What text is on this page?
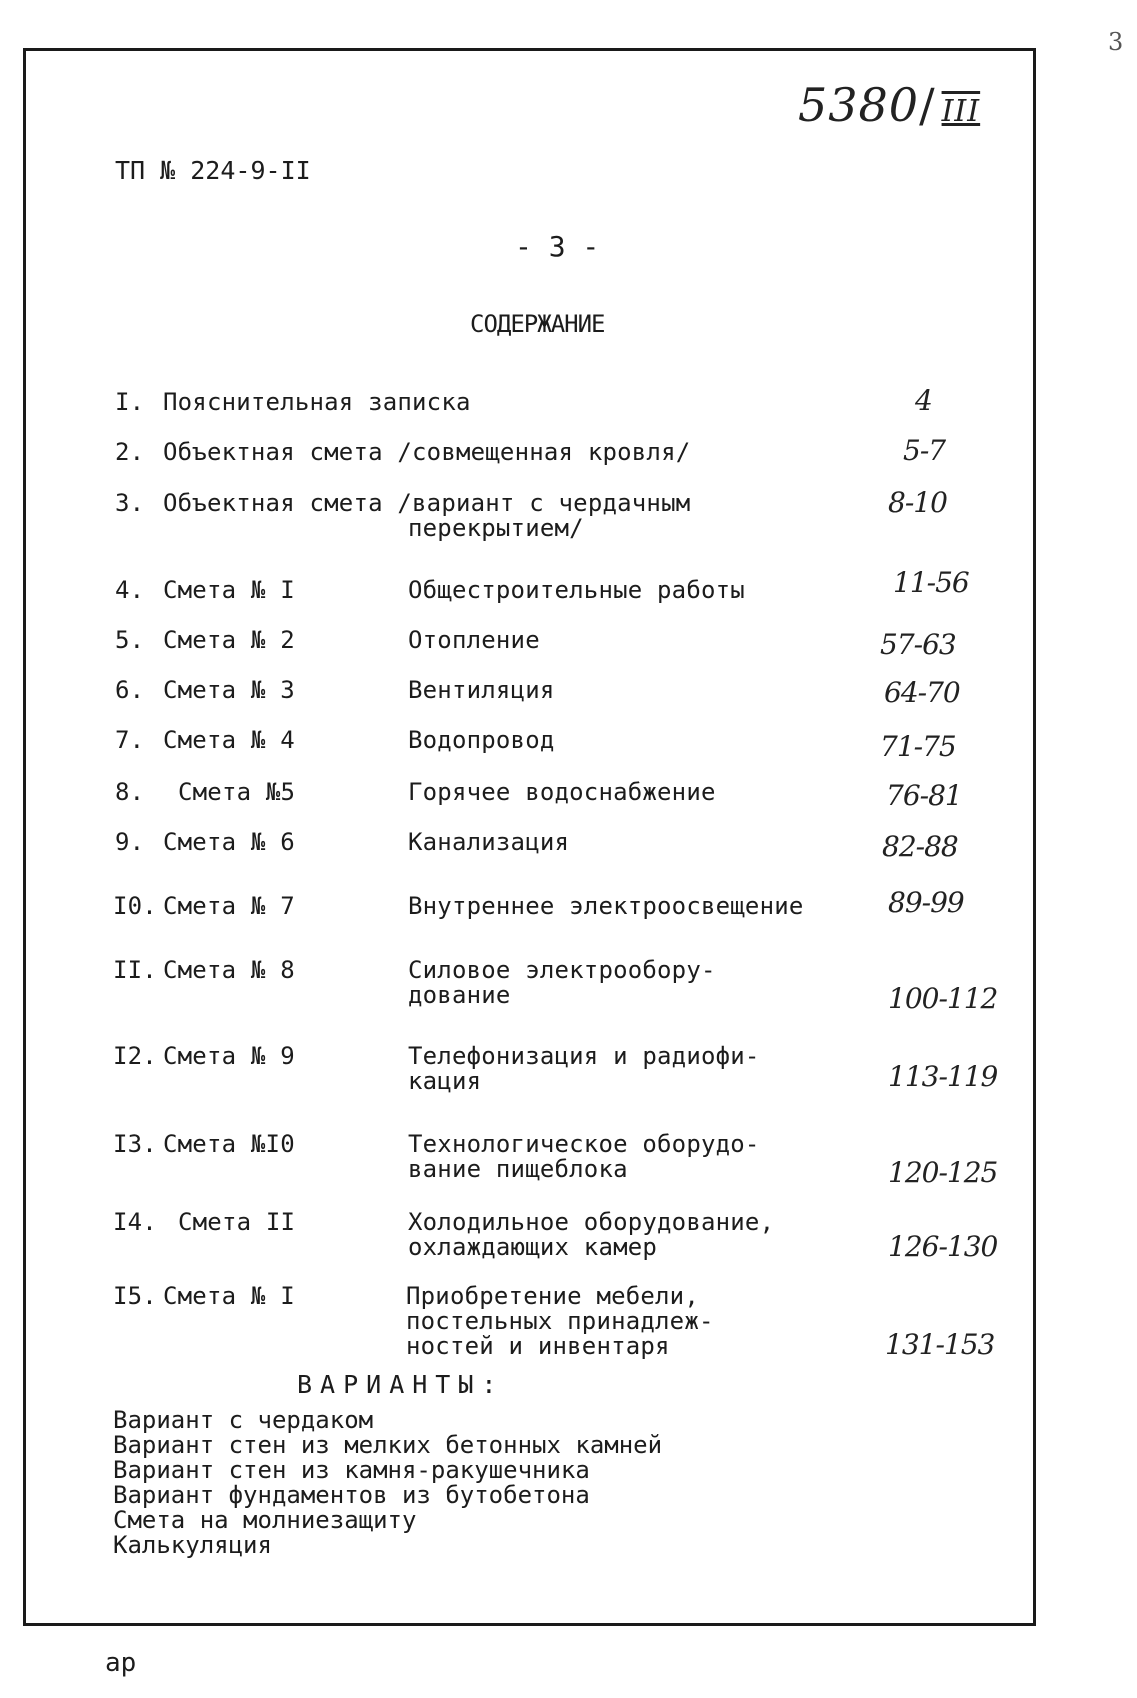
3
5380/ III
ТП № 224-9-II
- 3 -
СОДЕРЖАНИЕ
I. Пояснительная записка	4
2. Объектная смета /совмещенная кровля/	5-7
3. Объектная смета /вариант с чердачным
перекрытием/
8-10
4. Смета № I	Общестроительные работы	11-56
5. Смета № 2	Отопление	57-63
6. Смета № 3	Вентиляция	64-70
7. Смета № 4	Водопровод	71-75
8. Смета №5	Горячее водоснабжение	76-81
9. Смета № 6	Канализация	82-88
I0. Смета № 7	Внутреннее электроосвещение	89-99
II. Смета № 8	Силовое электрообору-
дование	100-112
I2. Смета № 9	Телефонизация и радиофи-
кация	113-119
I3. Смета №I0	Технологическое оборудо-
вание пищеблока	120-125
I4. Смета II	Холодильное оборудование,
охлаждающих камер	126-130
I5. Смета № I	Приобретение мебели,
постельных принадлеж-
ностей и инвентаря	131-153
ВАРИАНТЫ:
Вариант с чердаком
Вариант стен из мелких бетонных камней
Вариант стен из камня-ракушечника
Вариант фундаментов из бутобетона
Смета на молниезащиту
Калькуляция
ар
